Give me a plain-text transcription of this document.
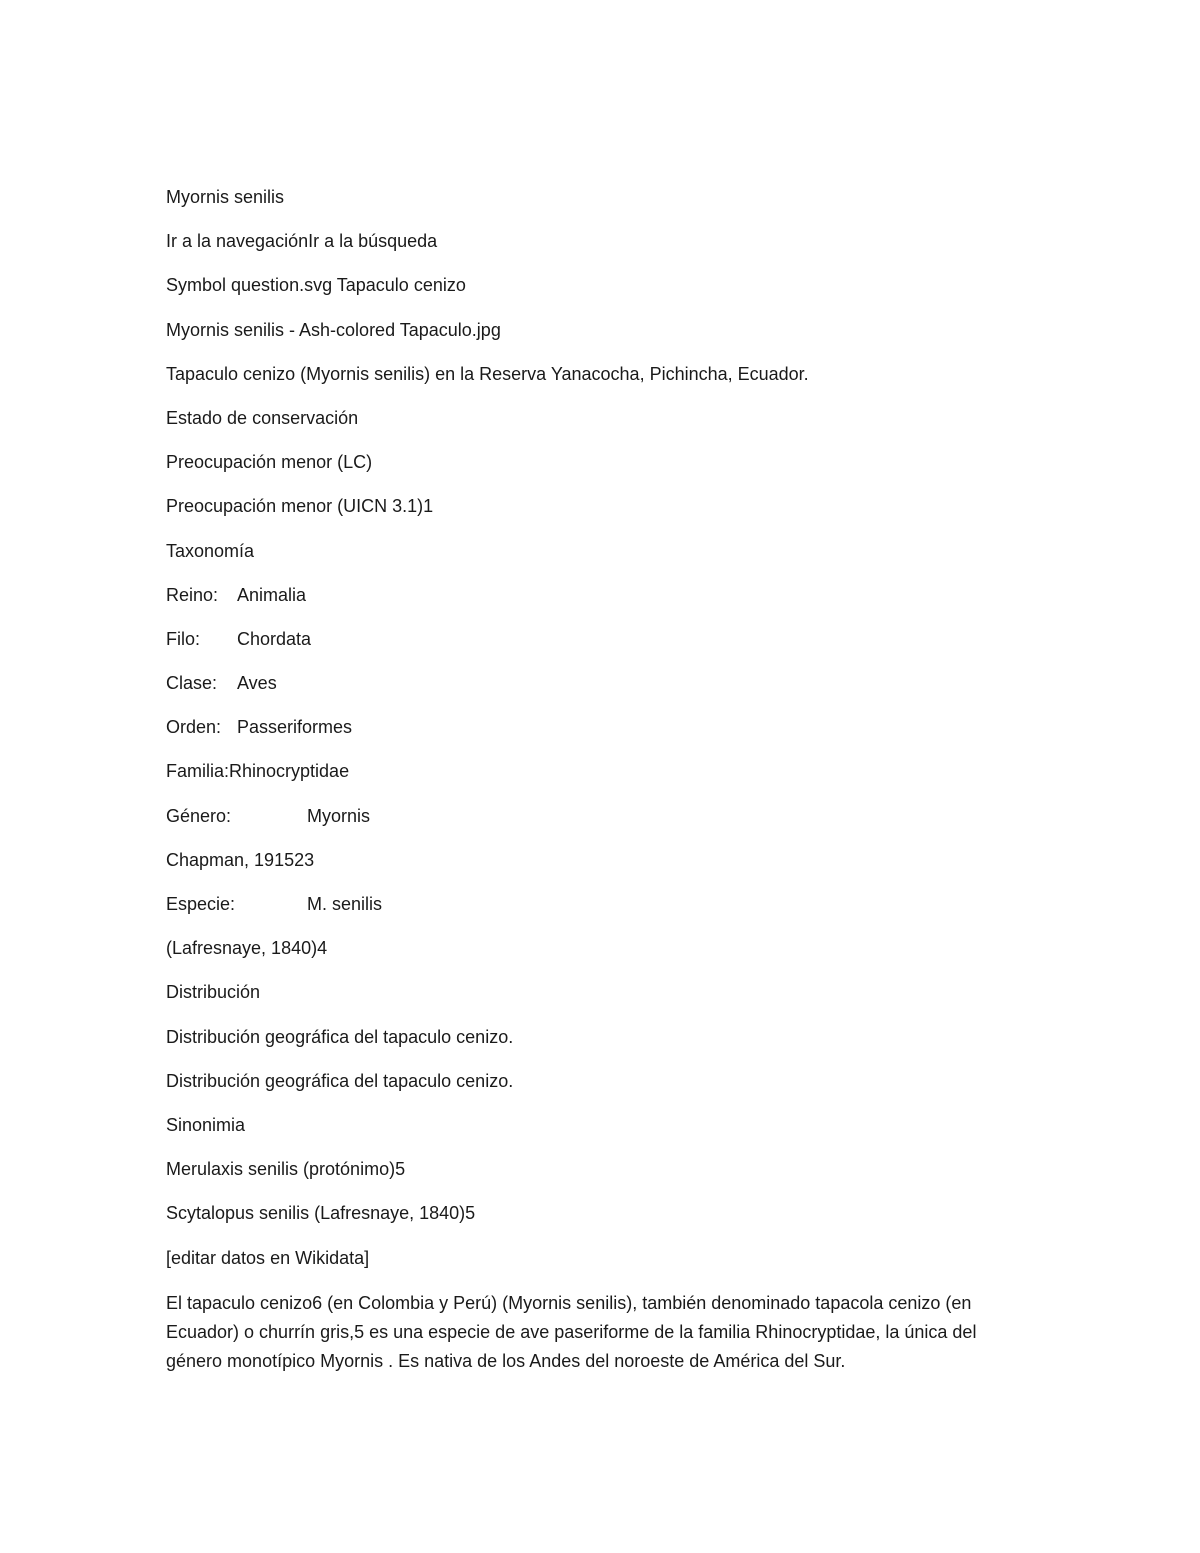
Myornis senilis
Ir a la navegaciónIr a la búsqueda
Symbol question.svg Tapaculo cenizo
Myornis senilis - Ash-colored Tapaculo.jpg
Tapaculo cenizo (Myornis senilis) en la Reserva Yanacocha, Pichincha, Ecuador.
Estado de conservación
Preocupación menor (LC)
Preocupación menor (UICN 3.1)1
Taxonomía
Reino: Animalia
Filo: Chordata
Clase: Aves
Orden: Passeriformes
Familia:Rhinocryptidae
Género:	Myornis
Chapman, 191523
Especie:	M. senilis
(Lafresnaye, 1840)4
Distribución
Distribución geográfica del tapaculo cenizo.
Distribución geográfica del tapaculo cenizo.
Sinonimia
Merulaxis senilis (protónimo)5
Scytalopus senilis (Lafresnaye, 1840)5
[editar datos en Wikidata]

El tapaculo cenizo6 (en Colombia y Perú) (Myornis senilis), también denominado tapacola cenizo (en Ecuador) o churrín gris,5 es una especie de ave paseriforme de la familia Rhinocryptidae, la única del género monotípico Myornis . Es nativa de los Andes del noroeste de América del Sur.
